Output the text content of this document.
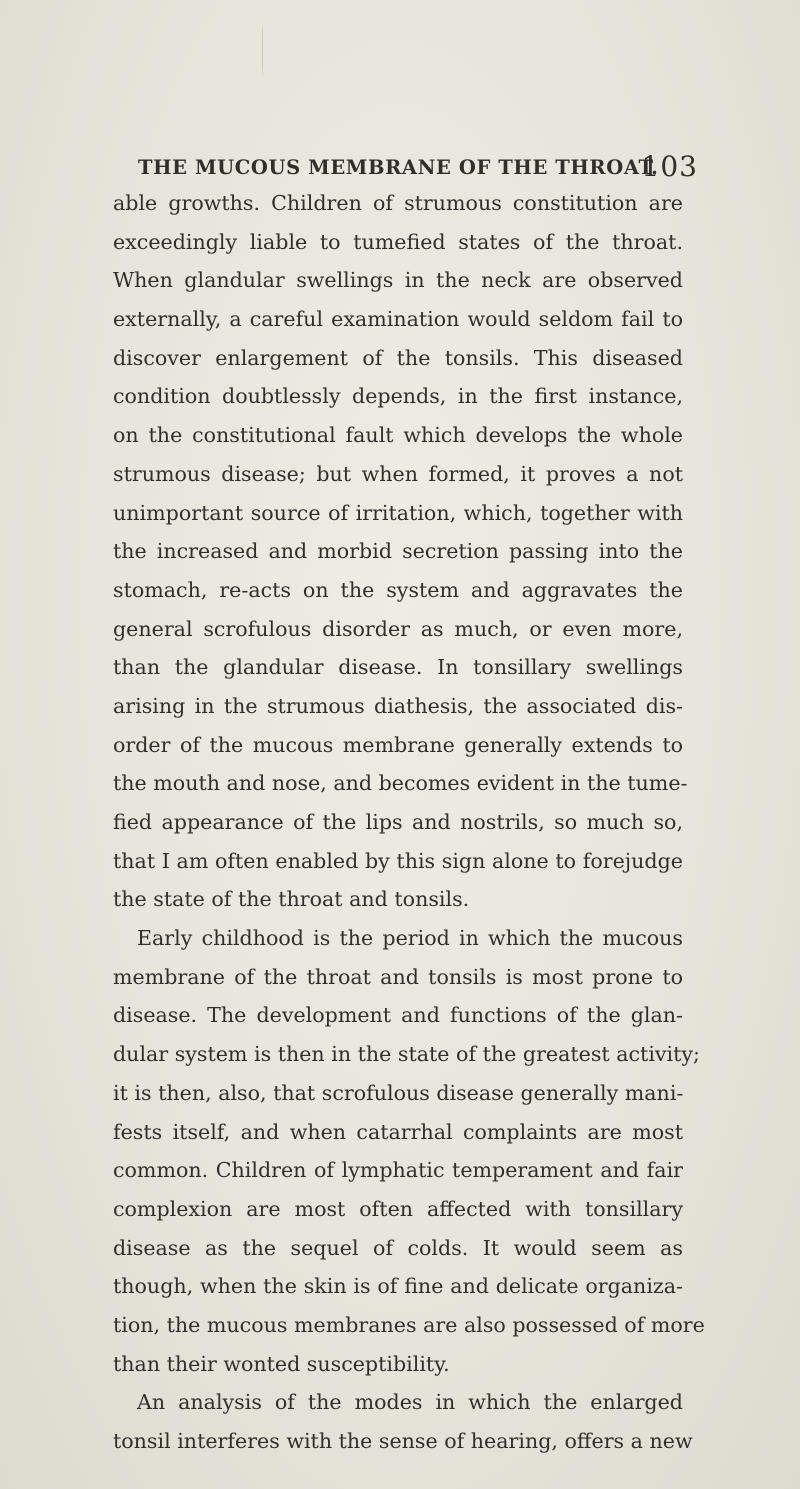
THE MUCOUS MEMBRANE OF THE THROAT.
103
able growths. Children of strumous constitution are
exceedingly liable to tumefied states of the throat.
When glandular swellings in the neck are observed
externally, a careful examination would seldom fail to
discover enlargement of the tonsils. This diseased
condition doubtlessly depends, in the first instance,
on the constitutional fault which develops the whole
strumous disease; but when formed, it proves a not
unimportant source of irritation, which, together with
the increased and morbid secretion passing into the
stomach, re-acts on the system and aggravates the
general scrofulous disorder as much, or even more,
than the glandular disease. In tonsillary swellings
arising in the strumous diathesis, the associated dis-
order of the mucous membrane generally extends to
the mouth and nose, and becomes evident in the tume-
fied appearance of the lips and nostrils, so much so,
that I am often enabled by this sign alone to forejudge
the state of the throat and tonsils.
Early childhood is the period in which the mucous
membrane of the throat and tonsils is most prone to
disease. The development and functions of the glan-
dular system is then in the state of the greatest activity;
it is then, also, that scrofulous disease generally mani-
fests itself, and when catarrhal complaints are most
common. Children of lymphatic temperament and fair
complexion are most often affected with tonsillary
disease as the sequel of colds. It would seem as
though, when the skin is of fine and delicate organiza-
tion, the mucous membranes are also possessed of more
than their wonted susceptibility.
An analysis of the modes in which the enlarged
tonsil interferes with the sense of hearing, offers a new
